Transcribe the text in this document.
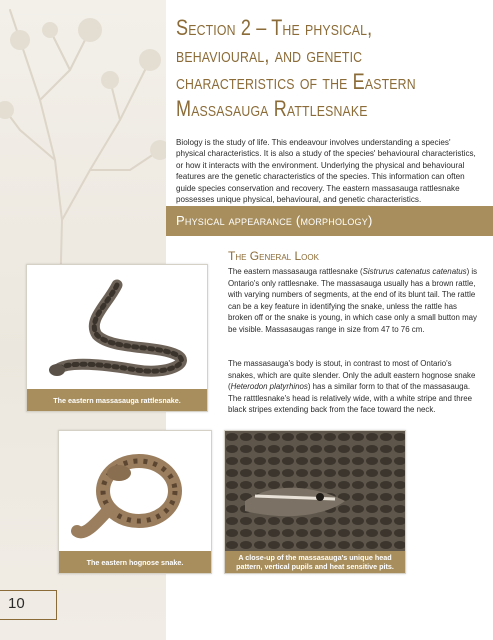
Section 2 – The physical, behavioural, and genetic characteristics of the Eastern Massasauga Rattlesnake

Biology is the study of life. This endeavour involves understanding a species' physical characteristics. It is also a study of the species' behavioural characteristics, or how it interacts with the environment. Underlying the physical and behavioural features are the genetic characteristics of the species. This information can often guide species conservation and recovery. The eastern massasauga rattlesnake possesses unique physical, behavioural, and genetic characteristics.

Physical appearance (morphology)
The General Look

The eastern massasauga rattlesnake (Sistrurus catenatus catenatus) is Ontario's only rattlesnake. The massasauga usually has a brown rattle, with varying numbers of segments, at the end of its blunt tail. The rattle can be a key feature in identifying the snake, unless the rattle has broken off or the snake is young, in which case only a small button may be visible. Massasaugas range in size from 47 to 76 cm.

The massasauga's body is stout, in contrast to most of Ontario's snakes, which are quite slender. Only the adult eastern hognose snake (Heterodon platyrhinos) has a similar form to that of the massasauga. The ratttlesnake's head is relatively wide, with a white stripe and three black stripes extending back from the face toward the neck.

The eastern massasauga rattlesnake.
The eastern hognose snake.	A close-up of the massasauga's unique head pattern, vertical pupils and heat sensitive pits.
10
